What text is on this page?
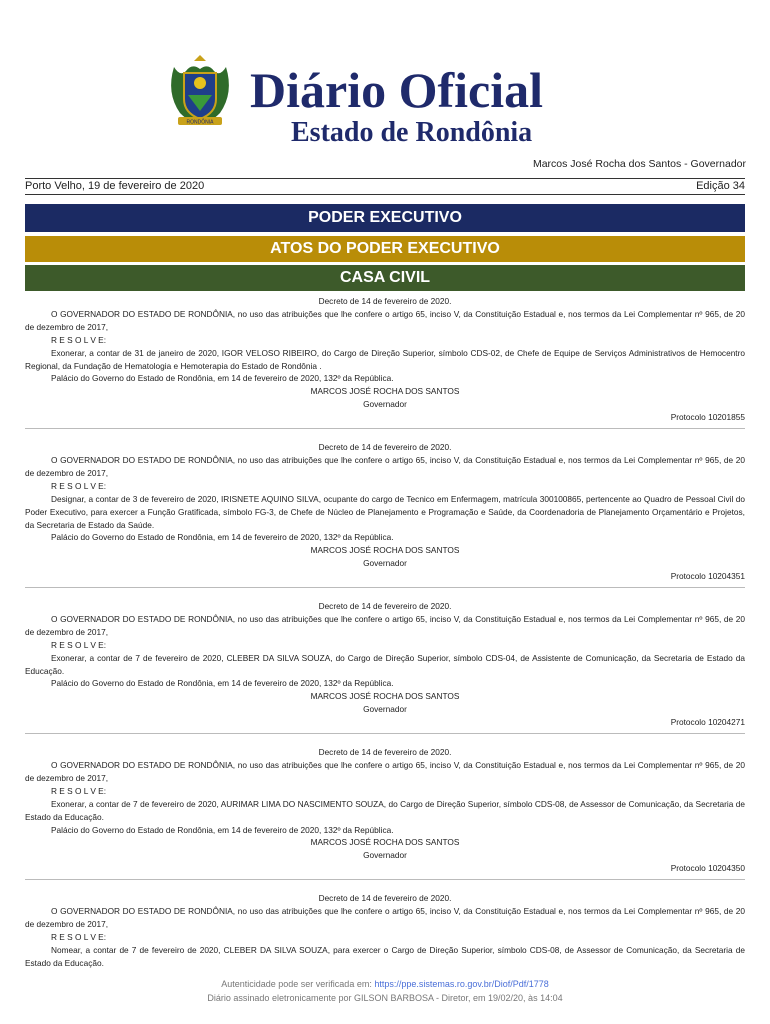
RONDÔNIA
Diário Oficial
Estado de Rondônia
Marcos José Rocha dos Santos - Governador
Porto Velho, 19 de fevereiro de 2020	Edição 34
PODER EXECUTIVO
ATOS DO PODER EXECUTIVO
CASA CIVIL
Decreto de 14 de fevereiro de 2020.
O GOVERNADOR DO ESTADO DE RONDÔNIA, no uso das atribuições que lhe confere o artigo 65, inciso V, da Constituição Estadual e, nos termos da Lei Complementar nº 965, de 20 de dezembro de 2017,
R E S O L V E:
Exonerar, a contar de 31 de janeiro de 2020, IGOR VELOSO RIBEIRO, do Cargo de Direção Superior, símbolo CDS-02, de Chefe de Equipe de Serviços Administrativos de Hemocentro Regional, da Fundação de Hematologia e Hemoterapia do Estado de Rondônia .
Palácio do Governo do Estado de Rondônia, em 14 de fevereiro de 2020, 132º da República.
MARCOS JOSÉ ROCHA DOS SANTOS
Governador
Protocolo 10201855
Decreto de 14 de fevereiro de 2020.
O GOVERNADOR DO ESTADO DE RONDÔNIA, no uso das atribuições que lhe confere o artigo 65, inciso V, da Constituição Estadual e, nos termos da Lei Complementar nº 965, de 20 de dezembro de 2017,
R E S O L V E:
Designar, a contar de 3 de fevereiro de 2020, IRISNETE AQUINO SILVA, ocupante do cargo de Tecnico em Enfermagem, matrícula 300100865, pertencente ao Quadro de Pessoal Civil do Poder Executivo, para exercer a Função Gratificada, símbolo FG-3, de Chefe de Núcleo de Planejamento e Programação e Saúde, da Coordenadoria de Planejamento Orçamentário e Projetos, da Secretaria de Estado da Saúde.
Palácio do Governo do Estado de Rondônia, em 14 de fevereiro de 2020, 132º da República.
MARCOS JOSÉ ROCHA DOS SANTOS
Governador
Protocolo 10204351
Decreto de 14 de fevereiro de 2020.
O GOVERNADOR DO ESTADO DE RONDÔNIA, no uso das atribuições que lhe confere o artigo 65, inciso V, da Constituição Estadual e, nos termos da Lei Complementar nº 965, de 20 de dezembro de 2017,
R E S O L V E:
Exonerar, a contar de 7 de fevereiro de 2020, CLEBER DA SILVA SOUZA, do Cargo de Direção Superior, símbolo CDS-04, de Assistente de Comunicação, da Secretaria de Estado da Educação.
Palácio do Governo do Estado de Rondônia, em 14 de fevereiro de 2020, 132º da República.
MARCOS JOSÉ ROCHA DOS SANTOS
Governador
Protocolo 10204271
Decreto de 14 de fevereiro de 2020.
O GOVERNADOR DO ESTADO DE RONDÔNIA, no uso das atribuições que lhe confere o artigo 65, inciso V, da Constituição Estadual e, nos termos da Lei Complementar nº 965, de 20 de dezembro de 2017,
R E S O L V E:
Exonerar, a contar de 7 de fevereiro de 2020, AURIMAR LIMA DO NASCIMENTO SOUZA, do Cargo de Direção Superior, símbolo CDS-08, de Assessor de Comunicação, da Secretaria de Estado da Educação.
Palácio do Governo do Estado de Rondônia, em 14 de fevereiro de 2020, 132º da República.
MARCOS JOSÉ ROCHA DOS SANTOS
Governador
Protocolo 10204350
Decreto de 14 de fevereiro de 2020.
O GOVERNADOR DO ESTADO DE RONDÔNIA, no uso das atribuições que lhe confere o artigo 65, inciso V, da Constituição Estadual e, nos termos da Lei Complementar nº 965, de 20 de dezembro de 2017,
R E S O L V E:
Nomear, a contar de 7 de fevereiro de 2020, CLEBER DA SILVA SOUZA, para exercer o Cargo de Direção Superior, símbolo CDS-08, de Assessor de Comunicação, da Secretaria de Estado da Educação.
Autenticidade pode ser verificada em: https://ppe.sistemas.ro.gov.br/Diof/Pdf/1778
Diário assinado eletronicamente por GILSON BARBOSA - Diretor, em 19/02/20, às 14:04
